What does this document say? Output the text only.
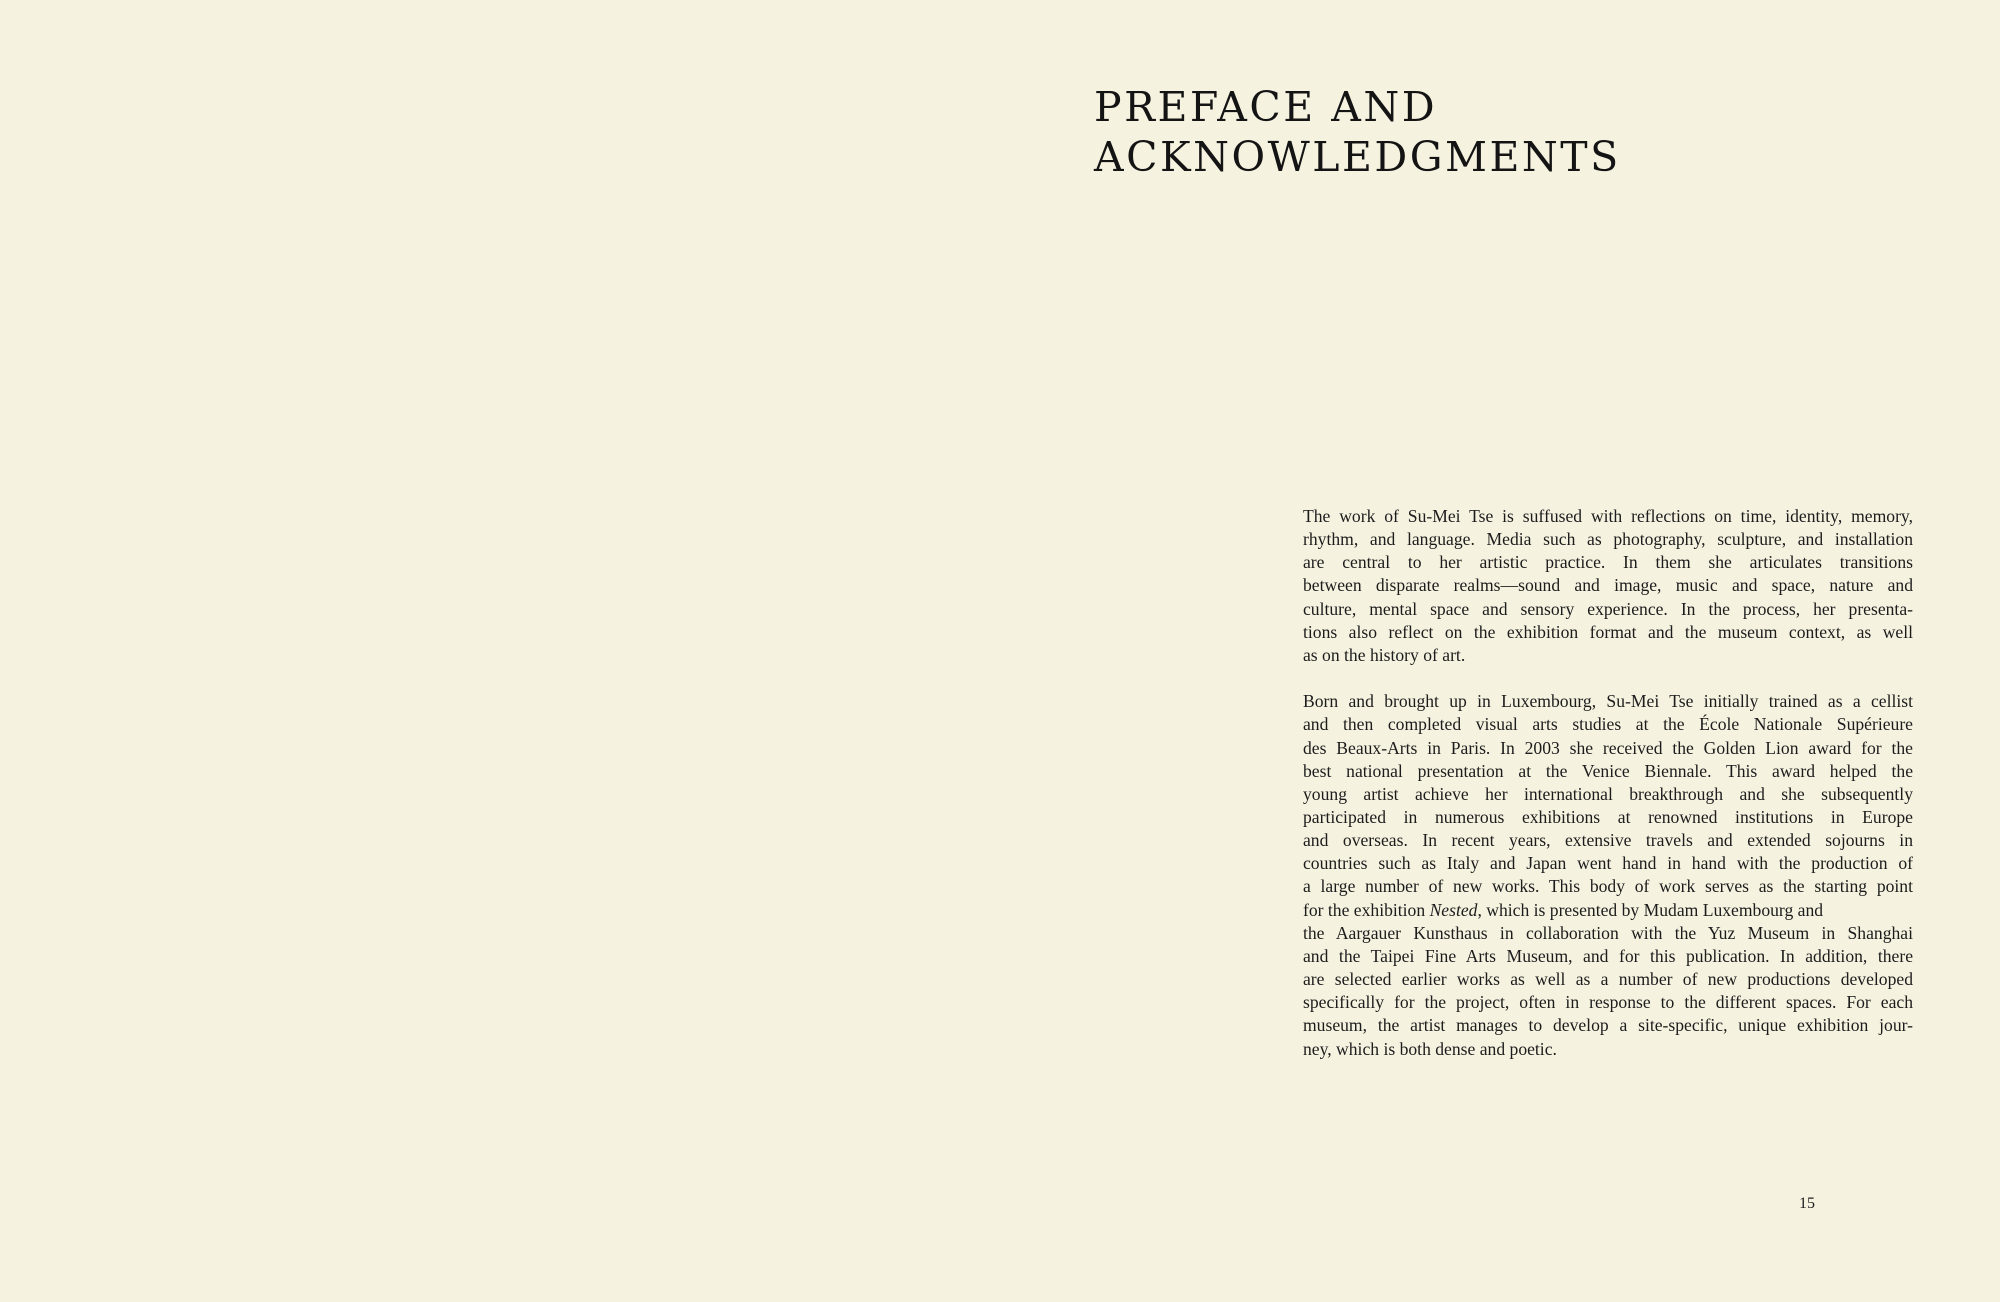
PREFACE AND
ACKNOWLEDGMENTS

The work of Su-Mei Tse is suffused with reflections on time, identity, memory,
rhythm, and language. Media such as photography, sculpture, and installation
are central to her artistic practice. In them she articulates transitions
between disparate realms—sound and image, music and space, nature and
culture, mental space and sensory experience. In the process, her presenta-
tions also reflect on the exhibition format and the museum context, as well
as on the history of art.

Born and brought up in Luxembourg, Su-Mei Tse initially trained as a cellist
and then completed visual arts studies at the École Nationale Supérieure
des Beaux-Arts in Paris. In 2003 she received the Golden Lion award for the
best national presentation at the Venice Biennale. This award helped the
young artist achieve her international breakthrough and she subsequently
participated in numerous exhibitions at renowned institutions in Europe
and overseas. In recent years, extensive travels and extended sojourns in
countries such as Italy and Japan went hand in hand with the production of
a large number of new works. This body of work serves as the starting point
for the exhibition Nested, which is presented by Mudam Luxembourg and
the Aargauer Kunsthaus in collaboration with the Yuz Museum in Shanghai
and the Taipei Fine Arts Museum, and for this publication. In addition, there
are selected earlier works as well as a number of new productions developed
specifically for the project, often in response to the different spaces. For each
museum, the artist manages to develop a site-specific, unique exhibition jour-
ney, which is both dense and poetic.

15
